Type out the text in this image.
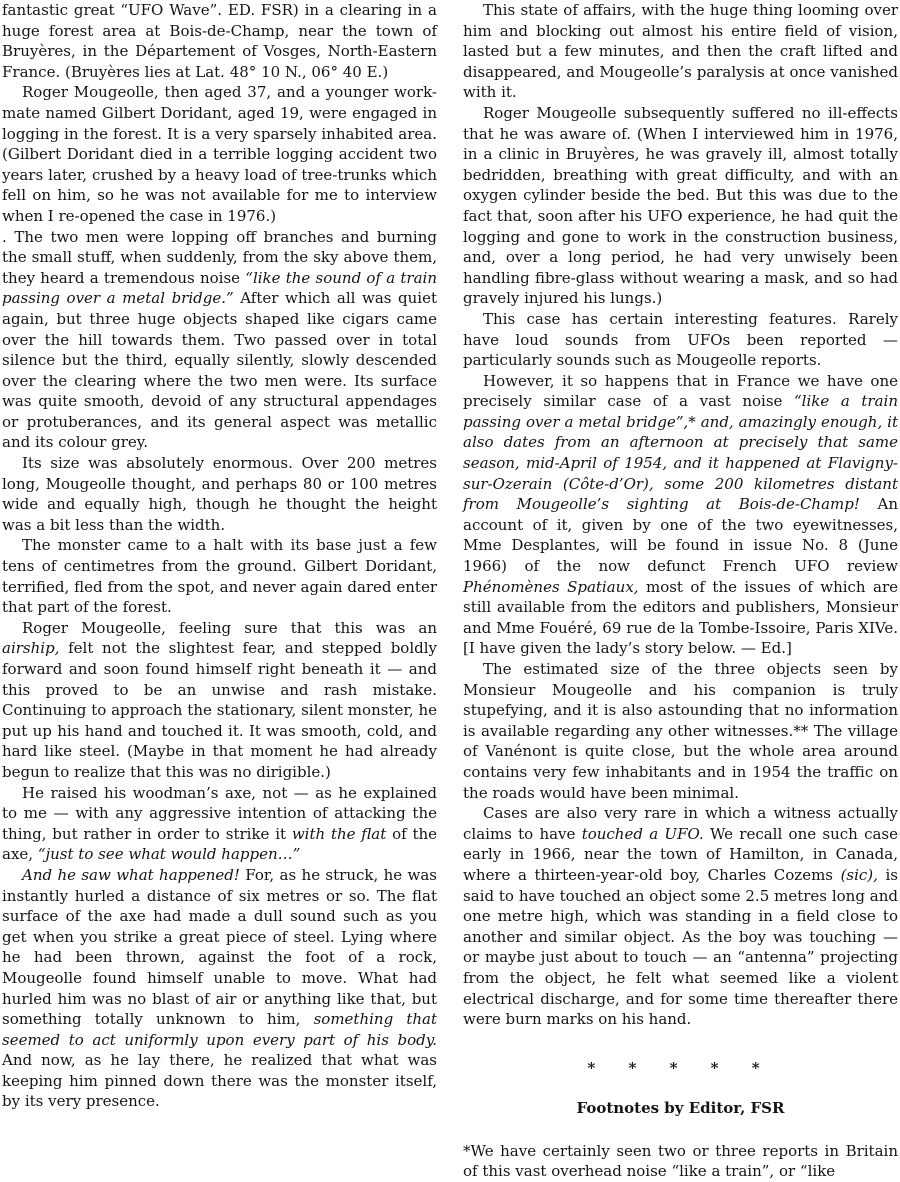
fantastic great “UFO Wave”. ED. FSR) in a clearing in a huge forest area at Bois-de-Champ, near the town of Bruyères, in the Département of Vosges, North-Eastern France. (Bruyères lies at Lat. 48° 10 N., 06° 40 E.)

Roger Mougeolle, then aged 37, and a younger work-mate named Gilbert Doridant, aged 19, were engaged in logging in the forest. It is a very sparsely inhabited area. (Gilbert Doridant died in a terrible logging accident two years later, crushed by a heavy load of tree-trunks which fell on him, so he was not available for me to interview when I re-opened the case in 1976.)

. The two men were lopping off branches and burning the small stuff, when suddenly, from the sky above them, they heard a tremendous noise “like the sound of a train passing over a metal bridge.” After which all was quiet again, but three huge objects shaped like cigars came over the hill towards them. Two passed over in total silence but the third, equally silently, slowly descended over the clearing where the two men were. Its surface was quite smooth, devoid of any structural appendages or protuberances, and its general aspect was metallic and its colour grey.

Its size was absolutely enormous. Over 200 metres long, Mougeolle thought, and perhaps 80 or 100 metres wide and equally high, though he thought the height was a bit less than the width.

The monster came to a halt with its base just a few tens of centimetres from the ground. Gilbert Doridant, terrified, fled from the spot, and never again dared enter that part of the forest.

Roger Mougeolle, feeling sure that this was an airship, felt not the slightest fear, and stepped boldly forward and soon found himself right beneath it — and this proved to be an unwise and rash mistake. Continuing to approach the stationary, silent monster, he put up his hand and touched it. It was smooth, cold, and hard like steel. (Maybe in that moment he had already begun to realize that this was no dirigible.)

He raised his woodman’s axe, not — as he explained to me — with any aggressive intention of attacking the thing, but rather in order to strike it with the flat of the axe, “just to see what would happen…”

And he saw what happened! For, as he struck, he was instantly hurled a distance of six metres or so. The flat surface of the axe had made a dull sound such as you get when you strike a great piece of steel. Lying where he had been thrown, against the foot of a rock, Mougeolle found himself unable to move. What had hurled him was no blast of air or anything like that, but something totally unknown to him, something that seemed to act uniformly upon every part of his body. And now, as he lay there, he realized that what was keeping him pinned down there was the monster itself, by its very presence.

This state of affairs, with the huge thing looming over him and blocking out almost his entire field of vision, lasted but a few minutes, and then the craft lifted and disappeared, and Mougeolle’s paralysis at once vanished with it.

Roger Mougeolle subsequently suffered no ill-effects that he was aware of. (When I interviewed him in 1976, in a clinic in Bruyères, he was gravely ill, almost totally bedridden, breathing with great difficulty, and with an oxygen cylinder beside the bed. But this was due to the fact that, soon after his UFO experience, he had quit the logging and gone to work in the construction business, and, over a long period, he had very unwisely been handling fibre-glass without wearing a mask, and so had gravely injured his lungs.)

This case has certain interesting features. Rarely have loud sounds from UFOs been reported — particularly sounds such as Mougeolle reports.

However, it so happens that in France we have one precisely similar case of a vast noise “like a train passing over a metal bridge”,* and, amazingly enough, it also dates from an afternoon at precisely that same season, mid-April of 1954, and it happened at Flavigny-sur-Ozerain (Côte-d’Or), some 200 kilometres distant from Mougeolle’s sighting at Bois-de-Champ! An account of it, given by one of the two eyewitnesses, Mme Desplantes, will be found in issue No. 8 (June 1966) of the now defunct French UFO review Phénomènes Spatiaux, most of the issues of which are still available from the editors and publishers, Monsieur and Mme Fouéré, 69 rue de la Tombe-Issoire, Paris XIVe. [I have given the lady’s story below. — Ed.]

The estimated size of the three objects seen by Monsieur Mougeolle and his companion is truly stupefying, and it is also astounding that no information is available regarding any other witnesses.** The village of Vanénont is quite close, but the whole area around contains very few inhabitants and in 1954 the traffic on the roads would have been minimal.

Cases are also very rare in which a witness actually claims to have touched a UFO. We recall one such case early in 1966, near the town of Hamilton, in Canada, where a thirteen-year-old boy, Charles Cozems (sic), is said to have touched an object some 2.5 metres long and one metre high, which was standing in a field close to another and similar object. As the boy was touching — or maybe just about to touch — an “antenna” projecting from the object, he felt what seemed like a violent electrical discharge, and for some time thereafter there were burn marks on his hand.

* * * * *
Footnotes by Editor, FSR

*We have certainly seen two or three reports in Britain of this vast overhead noise “like a train”, or “like
